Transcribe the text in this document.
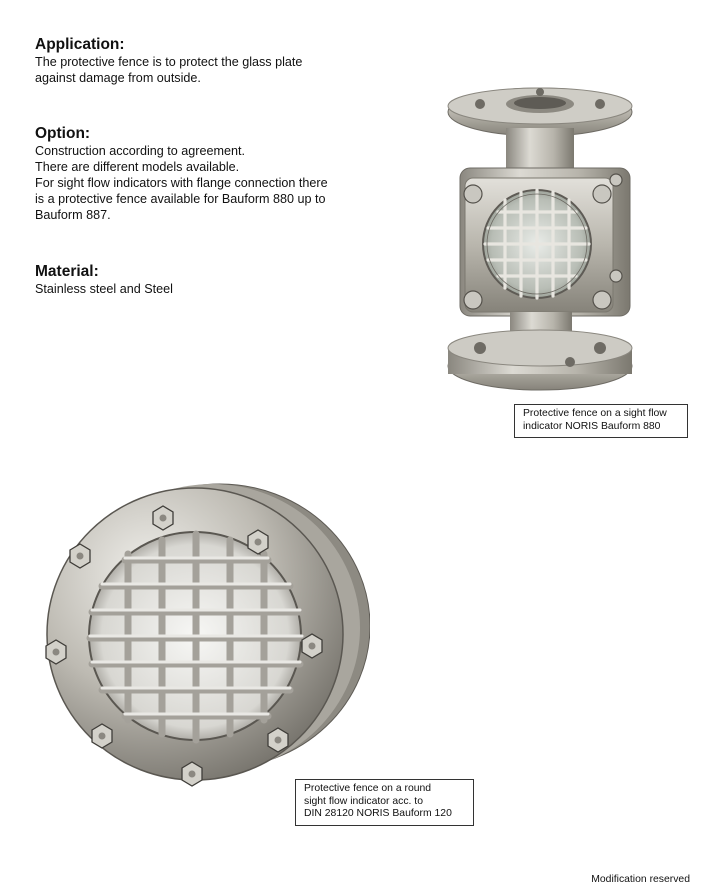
Application:

The protective fence is to protect the glass plate
against damage from outside.

Option:

Construction according to agreement.
There are different models available.
For sight flow indicators with flange connection there
is a protective fence available for Bauform 880 up to
Bauform 887.

Material:

Stainless steel and Steel

Protective fence on a sight flow
indicator NORIS Bauform 880
Protective fence on a round
sight flow indicator acc. to
DIN 28120 NORIS Bauform 120
Modification reserved
